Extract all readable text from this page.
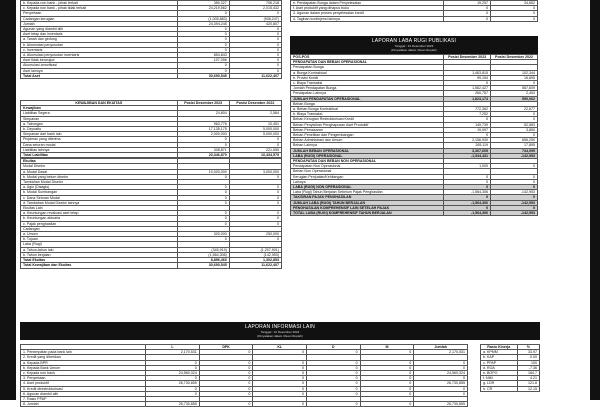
b. Kepada non bank - pihak terkait	350,327	706,218
c. Kepada non bank - pihak tidak terkait	24,219,562	2,015,432
Penyertaan	0	0
Cadangan kerugian	(1,005,883)	(908,247)
Jumlah	24,394,245	420,807
Agunan yang diambil alih	0	0
Aset tetap dan inventaris	0	0
a. Tanah dan gedung	0	0
b. Akumulasi penyusutan	0	0
c. Inventaris	0	0
d. Akumulasi penyusutan inventaris	854,843	0
Aset tidak berwujud	107,096	0
Akumulasi amortisasi	0	0
Aset lainnya	0	0
Total Aset	30,690,545	11,622,407
KEWAJIBAN DAN EKUITAS	Posisi Desember 2023	Posisi Desember 2022
Kewajiban		
Liabilitas Segera	24,804	2,584
Simpanan		
a. Tabungan	963,776	10,451
b. Deposito	17,135,175	5,000,000
Simpanan dari bank lain	2,000,000	5,000,000
Pinjaman yang diterima	0	0
Dana setoran modal	0	0
Liabilitas lainnya	308,871	221,555
Total Liabilitas	20,346,870	10,434,575
Ekuitas		
Modal Disetor		
a. Modal Dasar	10,000,000	3,000,000
b. Modal yang belum disetor	0	0
Tambahan Modal Disetor		
a. Agio (Disagio)	0	0
b. Modal Sumbangan	0	0
c. Dana Setoran Modal	0	0
d. Tambahan Modal Disetor lainnya	0	0
Ekuitas Lain		
a. Keuntungan revaluasi aset tetap	0	0
b. Keuntungan aktuaria	0	0
c. Pajak penghasilan	0	0
Cadangan		
a. Umum	300,000	250,000
b. Tujuan	0	0
Laba (Rugi)		
a. Tahun-tahun lalu	(345,919)	(1,207,901)
b. Tahun berjalan	(1,564,306)	(142,953)
Total Ekuitas	8,896,460	1,302,853
Total Kewajiban dan Ekuitas	30,690,545	11,622,407
e. Pendapatan Bunga dalam Penyelesaian	19,257	34,652
f. Aset produktif yang dihapus buku	0	0
3. Agunan dalam proses penyelesaian kredit	0	0
4. Tagihan kontinjensi lainnya	0	0
LAPORAN LABA RUGI PUBLIKASI
Tanggal : 31 Desember 2023
(Dinyatakan dalam ribuan Rupiah)
POS-POS	Posisi Desember 2023	Posisi Desember 2022
PENDAPATAN DAN BEBAN OPERASIONAL		
Pendapatan Bunga		
a. Bunga Kontraktual	1,463,815	102,344
b. Provisi Kredit	99,154	16,895
c. Biaya Transaksi	0	0
Jumlah Pendapatan Bunga	1,562,427	587,609
Pendapatan Lainnya	260,757	2,453
JUMLAH PENDAPATAN OPERASIONAL	1,823,174	590,062
Beban Bunga		
a. Beban Bunga Kontraktual	772,362	22,677
b. Biaya Transaksi	7,252	0
Beban Kerugian Restrukturisasi Kredit	0	0
Beban Penyisihan Penghapusan Aset Produktif	149,739	52,583
Beban Pemasaran	19,097	3,850
Beban Penelitian dan Pengembangan	0	0
Beban Administrasi dan Umum	2,156,930	656,250
Beban Lainnya	265,119	17,895
JUMLAH BEBAN OPERASIONAL	3,367,605	734,095
LABA (RUGI) OPERASIONAL	-1,544,431	-142,953
PENDAPATAN DAN BEBAN NON OPERASIONAL		
Pendapatan Non Operasional	1,000	0
Beban Non Operasional		
Kerugian Penjualan/Kehilangan	0	0
Lainnya	0	0
LABA (RUGI) NON OPERASIONAL	0	0
Laba (Rugi) Tahun Berjalan Sebelum Pajak Penghasilan	-1,564,306	-142,953
TAKSIRAN PAJAK PENGHASILAN	0	0
JUMLAH LABA (RUGI) TAHUN BERJALAN	-1,564,306	-142,953
PENGHASILAN KOMPREHENSIF LAIN SETELAH PAJAK	0	0
TOTAL LABA (RUGI) KOMPREHENSIF TAHUN BERJALAN	-1,564,306	-142,953
LAPORAN INFORMASI LAIN
Tanggal : 31 Desember 2023
(Dinyatakan dalam ribuan Rupiah)
	L	DPK	KL	D	M	Jumlah
1. Penempatan pada bank lain	2,170,531	0	0	0	0	2,170,531
2. Kredit yang diberikan						
a. Kepada BPR	0	0	0	0	0	0
b. Kepada Bank Umum	0	0	0	0	0	0
c. Kepada non bank	24,560,324	0	0	0	0	24,560,324
3. Penyertaan	0	0	0	0	0	0
4. Aset produktif	26,730,855	0	0	0	0	26,730,855
5. Kredit direstrukturisasi	0	0	0	0	0	0
6. Agunan diambil alih	0	0	0	0	0	0
7. Rasio PPAP						
8. Jumlah	26,730,855	0	0	0	0	26,730,855
Rasio Kinerja	%
a. KPMM	33.97
b. KAP	0.00
c. PPAP	100
d. ROA	-7.36
e. BOPO	184.7
f. NIM	4.21
g. LDR	121.8
h. CR	12.15
